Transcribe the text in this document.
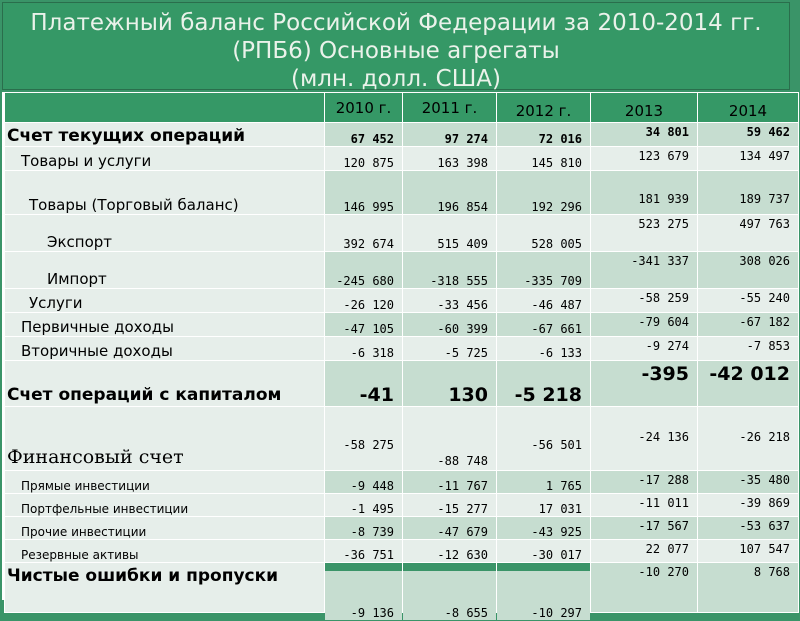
Платежный баланс Российской Федерации за 2010-2014 гг.
(РПБ6) Основные агрегаты
(млн. долл. США)
	2010 г.	2011 г.	2012 г.	2013	2014
Счет текущих операций	67 452	97 274	72 016	34 801	59 462
Товары и услуги	120 875	163 398	145 810	123 679	134 497
Товары (Торговый баланс)	146 995	196 854	192 296	181 939	189 737
Экспорт	392 674	515 409	528 005	523 275	497 763
Импорт	-245 680	-318 555	-335 709	-341 337	308 026
Услуги	-26 120	-33 456	-46 487	-58 259	-55 240
Первичные доходы	-47 105	-60 399	-67 661	-79 604	-67 182
Вторичные доходы	-6 318	-5 725	-6 133	-9 274	-7 853
Счет операций с капиталом	-41	130	-5 218	-395	-42 012
Финансовый счет	-58 275	-88 748	-56 501	-24 136	-26 218
Прямые инвестиции	-9 448	-11 767	1 765	-17 288	-35 480
Портфельные инвестиции	-1 495	-15 277	17 031	-11 011	-39 869
Прочие инвестиции	-8 739	-47 679	-43 925	-17 567	-53 637
Резервные активы	-36 751	-12 630	-30 017	22 077	107 547
Чистые ошибки и пропуски	-9 136	-8 655	-10 297	-10 270	8 768
